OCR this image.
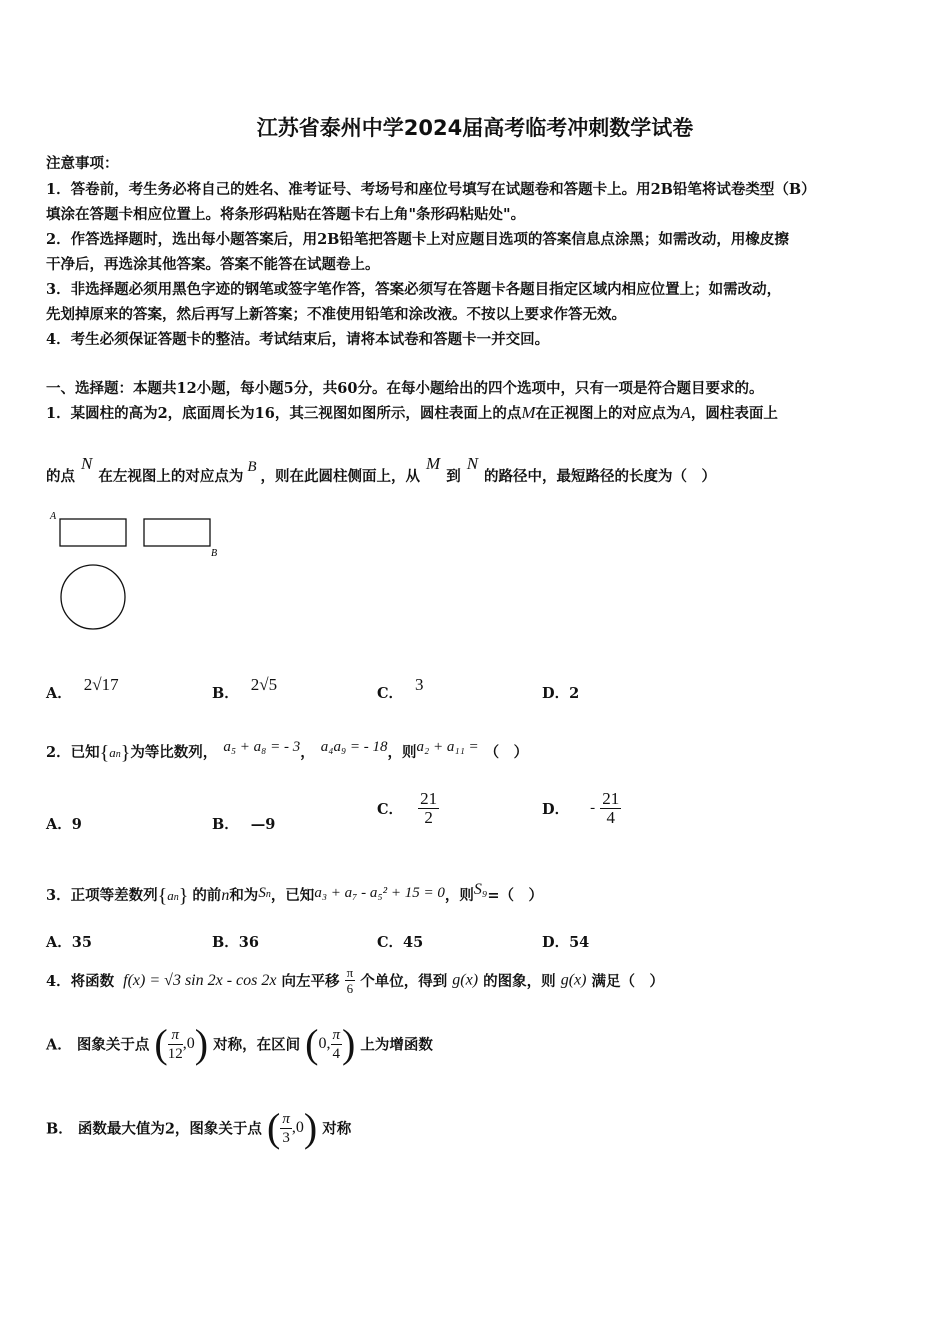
江苏省泰州中学2024届高考临考冲刺数学试卷
注意事项：
1．答卷前，考生务必将自己的姓名、准考证号、考场号和座位号填写在试题卷和答题卡上。用2B铅笔将试卷类型（B）
填涂在答题卡相应位置上。将条形码粘贴在答题卡右上角"条形码粘贴处"。
2．作答选择题时，选出每小题答案后，用2B铅笔把答题卡上对应题目选项的答案信息点涂黑；如需改动，用橡皮擦
干净后，再选涂其他答案。答案不能答在试题卷上。
3．非选择题必须用黑色字迹的钢笔或签字笔作答，答案必须写在答题卡各题目指定区域内相应位置上；如需改动，
先划掉原来的答案，然后再写上新答案；不准使用铅笔和涂改液。不按以上要求作答无效。
4．考生必须保证答题卡的整洁。考试结束后，请将本试卷和答题卡一并交回。
一、选择题：本题共12小题，每小题5分，共60分。在每小题给出的四个选项中，只有一项是符合题目要求的。
1．某圆柱的高为2，底面周长为16，其三视图如图所示，圆柱表面上的点M在正视图上的对应点为A，圆柱表面上
的点N在左视图上的对应点为B，则在此圆柱侧面上，从M到N的路径中，最短路径的长度为（　）
A
B
A． 2√17	B． 2√5	C． 3	D．2
2．已知{an}为等比数列， a₅ + a₈ = - 3， a₄a₉ = - 18，则a₂ + a₁₁ = （　）
A．9	B． —9
C． $\frac{21}{2}$	D． - $\frac{21}{4}$
3．正项等差数列{an} 的前n和为$S^n$，已知a₃ + a₇ - a₅² + 15 = 0，则S₉=（　）
A．35	B．36	C．45	D．54
4．将函数 f(x) = √3 sin 2x - cos 2x 向左平移 $\frac{\pi}{6}$ 个单位，得到 g(x) 的图象，则 g(x) 满足（　）
A． 图象关于点 ( $\frac{\pi}{12} ,0$) 对称，在区间 (0, $\frac{\pi}{4}$ ) 上为增函数
B． 函数最大值为2，图象关于点 ( $\frac{\pi}{3} ,0$) 对称
